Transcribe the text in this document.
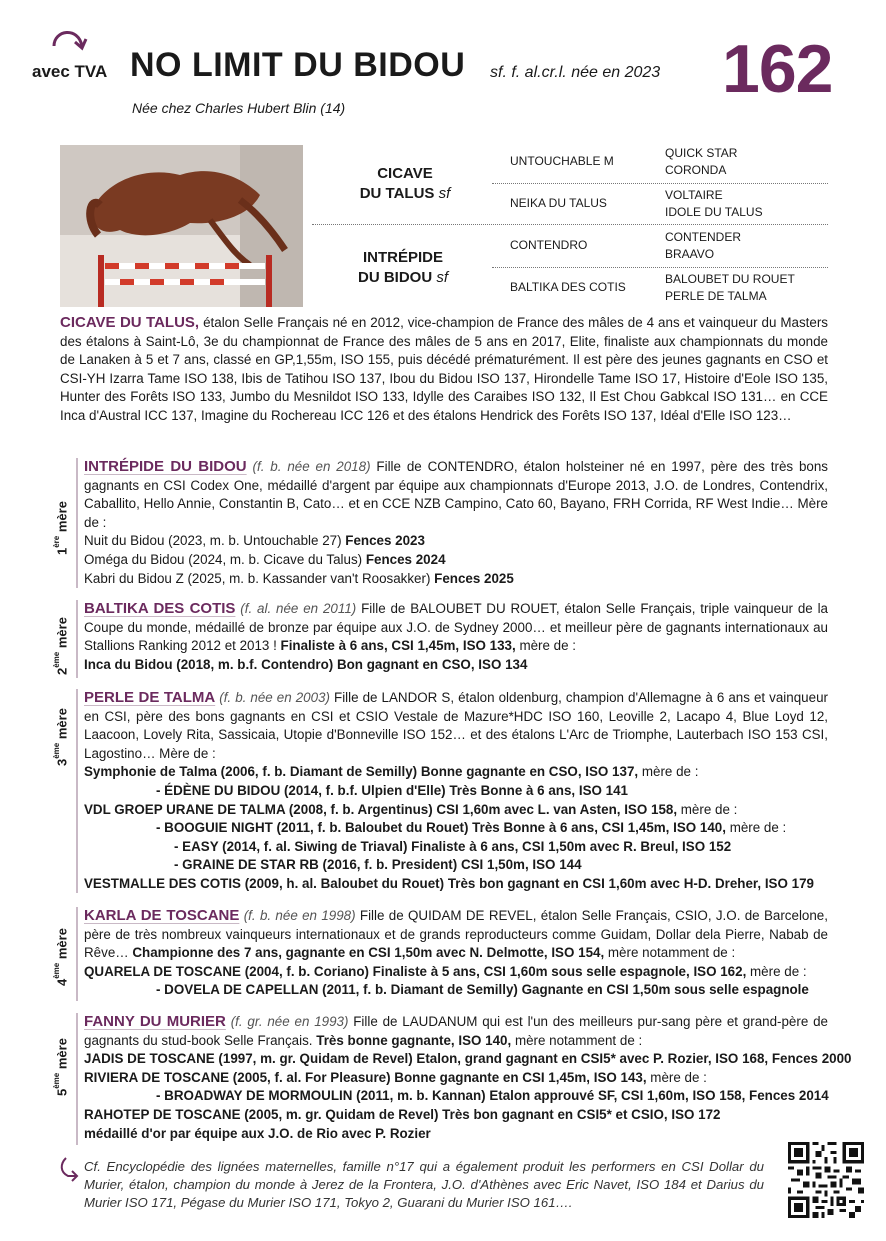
avec TVA NO LIMIT DU BIDOU sf. f. al.cr.l. née en 2023 162
Née chez Charles Hubert Blin (14)
CICAVE
DU TALUS sf
INTRÉPIDE
DU BIDOU sf
UNTOUCHABLE M
NEIKA DU TALUS
CONTENDRO
BALTIKA DES COTIS
QUICK STAR
CORONDA
VOLTAIRE
IDOLE DU TALUS
CONTENDER
BRAAVO
BALOUBET DU ROUET
PERLE DE TALMA
CICAVE DU TALUS, étalon Selle Français né en 2012, vice-champion de France des mâles de 4 ans et vainqueur du Masters des étalons à Saint-Lô, 3e du championnat de France des mâles de 5 ans en 2017, Elite, finaliste aux championnats du monde de Lanaken à 5 et 7 ans, classé en GP,1,55m, ISO 155, puis décédé prématurément. Il est père des jeunes gagnants en CSO et CSI-YH Izarra Tame ISO 138, Ibis de Tatihou ISO 137, Ibou du Bidou ISO 137, Hirondelle Tame ISO 17, Histoire d'Eole ISO 135, Hunter des Forêts ISO 133, Jumbo du Mesnildot ISO 133, Idylle des Caraibes ISO 132, Il Est Chou Gabkcal ISO 131… en CCE Inca d'Austral ICC 137, Imagine du Rochereau ICC 126 et des étalons Hendrick des Forêts ISO 137, Idéal d'Elle ISO 123…
1ère mère
INTRÉPIDE DU BIDOU (f. b. née en 2018) Fille de CONTENDRO, étalon holsteiner né en 1997, père des très bons gagnants en CSI Codex One, médaillé d'argent par équipe aux championnats d'Europe 2013, J.O. de Londres, Contendrix, Caballito, Hello Annie, Constantin B, Cato… et en CCE NZB Campino, Cato 60, Bayano, FRH Corrida, RF West Indie… Mère de :
Nuit du Bidou (2023, m. b. Untouchable 27) Fences 2023
Oméga du Bidou (2024, m. b. Cicave du Talus) Fences 2024
Kabri du Bidou Z (2025, m. b. Kassander van't Roosakker) Fences 2025
2ème mère
BALTIKA DES COTIS (f. al. née en 2011) Fille de BALOUBET DU ROUET, étalon Selle Français, triple vainqueur de la Coupe du monde, médaillé de bronze par équipe aux J.O. de Sydney 2000… et meilleur père de gagnants internationaux au Stallions Ranking 2012 et 2013 ! Finaliste à 6 ans, CSI 1,45m, ISO 133, mère de :
Inca du Bidou (2018, m. b.f. Contendro) Bon gagnant en CSO, ISO 134
3ème mère
PERLE DE TALMA (f. b. née en 2003) Fille de LANDOR S, étalon oldenburg, champion d'Allemagne à 6 ans et vainqueur en CSI, père des bons gagnants en CSI et CSIO Vestale de Mazure*HDC ISO 160, Leoville 2, Lacapo 4, Blue Loyd 12, Laacoon, Lovely Rita, Sassicaia, Utopie d'Bonneville ISO 152… et des étalons L'Arc de Triomphe, Lauterbach ISO 153 CSI, Lagostino… Mère de :
Symphonie de Talma (2006, f. b. Diamant de Semilly) Bonne gagnante en CSO, ISO 137, mère de :
- ÉDÈNE DU BIDOU (2014, f. b.f. Ulpien d'Elle) Très Bonne à 6 ans, ISO 141
VDL GROEP URANE DE TALMA (2008, f. b. Argentinus) CSI 1,60m avec L. van Asten, ISO 158, mère de :
- BOOGUIE NIGHT (2011, f. b. Baloubet du Rouet) Très Bonne à 6 ans, CSI 1,45m, ISO 140, mère de :
- EASY (2014, f. al. Siwing de Triaval) Finaliste à 6 ans, CSI 1,50m avec R. Breul, ISO 152
- GRAINE DE STAR RB (2016, f. b. President) CSI 1,50m, ISO 144
VESTMALLE DES COTIS (2009, h. al. Baloubet du Rouet) Très bon gagnant en CSI 1,60m avec H-D. Dreher, ISO 179
4ème mère
KARLA DE TOSCANE (f. b. née en 1998) Fille de QUIDAM DE REVEL, étalon Selle Français, CSIO, J.O. de Barcelone, père de très nombreux vainqueurs internationaux et de grands reproducteurs comme Guidam, Dollar dela Pierre, Nabab de Rêve… Championne des 7 ans, gagnante en CSI 1,50m avec N. Delmotte, ISO 154, mère notamment de :
QUARELA DE TOSCANE (2004, f. b. Coriano) Finaliste à 5 ans, CSI 1,60m sous selle espagnole, ISO 162, mère de :
- DOVELA DE CAPELLAN (2011, f. b. Diamant de Semilly) Gagnante en CSI 1,50m sous selle espagnole
5ème mère
FANNY DU MURIER (f. gr. née en 1993) Fille de LAUDANUM qui est l'un des meilleurs pur-sang père et grand-père de gagnants du stud-book Selle Français. Très bonne gagnante, ISO 140, mère notamment de :
JADIS DE TOSCANE (1997, m. gr. Quidam de Revel) Etalon, grand gagnant en CSI5* avec P. Rozier, ISO 168, Fences 2000
RIVIERA DE TOSCANE (2005, f. al. For Pleasure) Bonne gagnante en CSI 1,45m, ISO 143, mère de :
- BROADWAY DE MORMOULIN (2011, m. b. Kannan) Etalon approuvé SF, CSI 1,60m, ISO 158, Fences 2014
RAHOTEP DE TOSCANE (2005, m. gr. Quidam de Revel) Très bon gagnant en CSI5* et CSIO, ISO 172
médaillé d'or par équipe aux J.O. de Rio avec P. Rozier
Cf. Encyclopédie des lignées maternelles, famille n°17 qui a également produit les performers en CSI Dollar du Murier, étalon, champion du monde à Jerez de la Frontera, J.O. d'Athènes avec Eric Navet, ISO 184 et Darius du Murier ISO 171, Pégase du Murier ISO 171, Tokyo 2, Guarani du Murier ISO 161….
